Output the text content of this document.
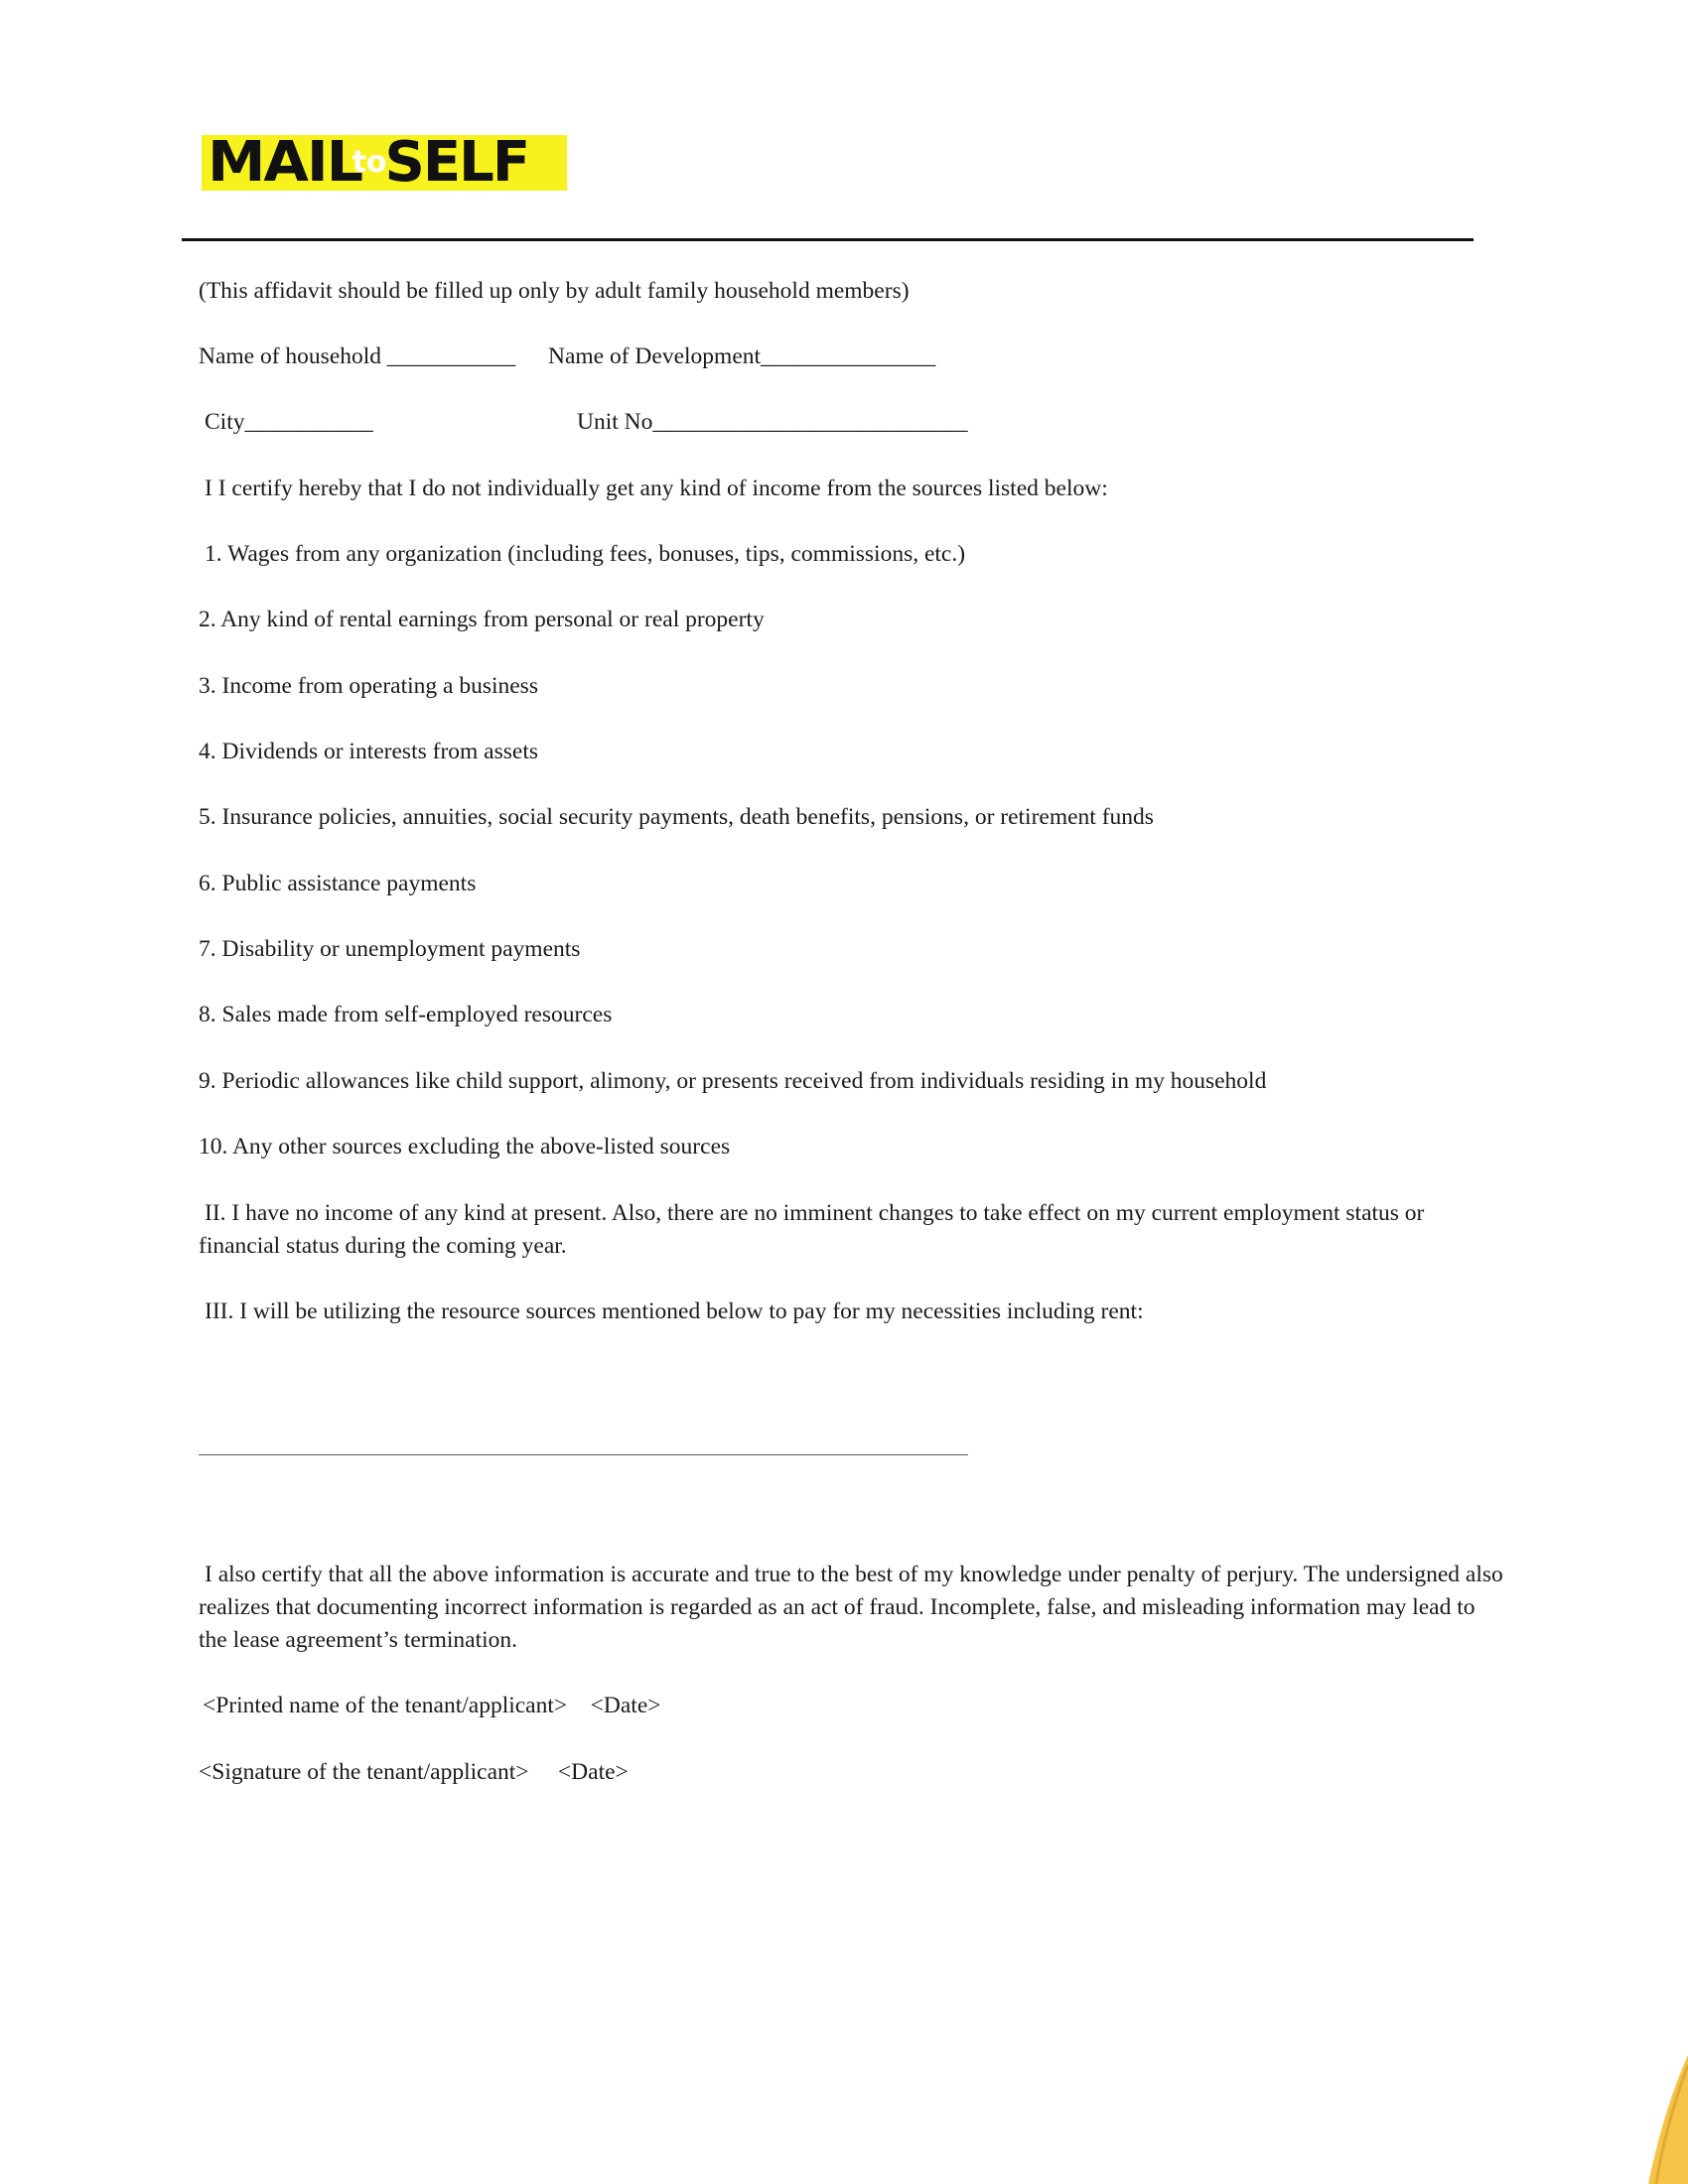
MAIL
to
SELF
(This affidavit should be filled up only by adult family household members)
Name of household ___________ Name of Development_______________
City___________	Unit No___________________________
I I certify hereby that I do not individually get any kind of income from the sources listed below:
1. Wages from any organization (including fees, bonuses, tips, commissions, etc.)
2. Any kind of rental earnings from personal or real property
3. Income from operating a business
4. Dividends or interests from assets
5. Insurance policies, annuities, social security payments, death benefits, pensions, or retirement funds
6. Public assistance payments
7. Disability or unemployment payments
8. Sales made from self-employed resources
9. Periodic allowances like child support, alimony, or presents received from individuals residing in my household
10. Any other sources excluding the above-listed sources
II. I have no income of any kind at present. Also, there are no imminent changes to take effect on my current employment status or financial status during the coming year.
III. I will be utilizing the resource sources mentioned below to pay for my necessities including rent:
I also certify that all the above information is accurate and true to the best of my knowledge under penalty of perjury. The undersigned also realizes that documenting incorrect information is regarded as an act of fraud. Incomplete, false, and misleading information may lead to the lease agreement’s termination.
<Printed name of the tenant/applicant>    <Date>
<Signature of the tenant/applicant>     <Date>
